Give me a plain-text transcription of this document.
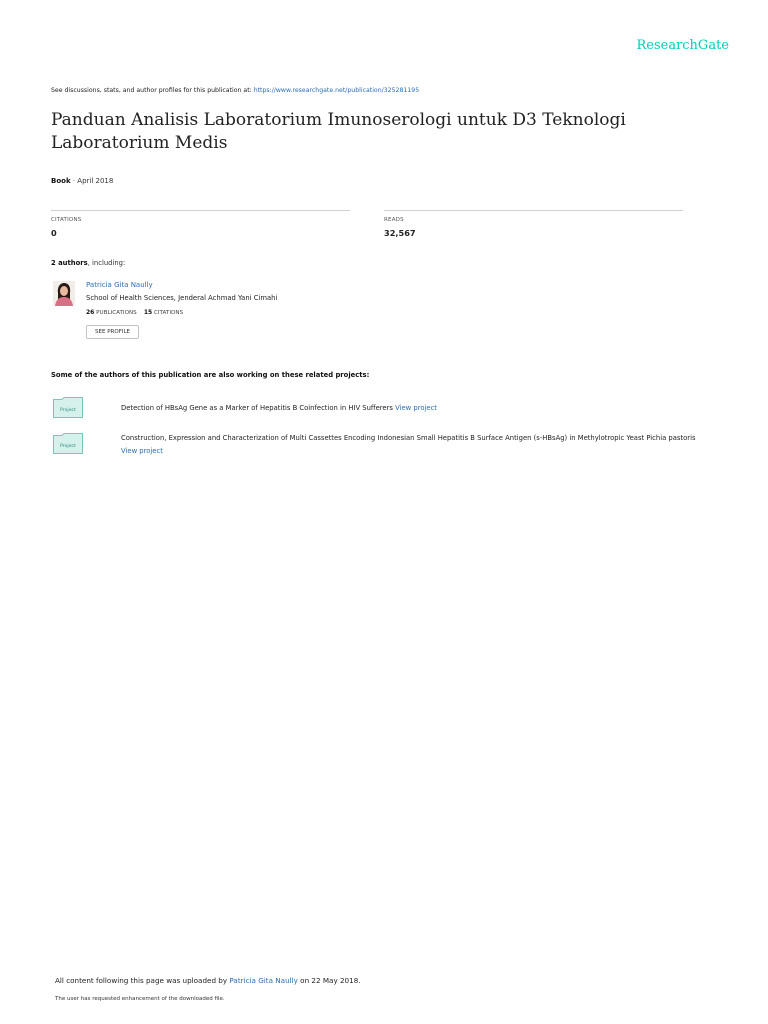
ResearchGate
See discussions, stats, and author profiles for this publication at: https://www.researchgate.net/publication/325281195
Panduan Analisis Laboratorium Imunoserologi untuk D3 Teknologi Laboratorium Medis
Book · April 2018
CITATIONS
0
READS
32,567
2 authors, including:
Patricia Gita Naully
School of Health Sciences, Jenderal Achmad Yani Cimahi
26 PUBLICATIONS 15 CITATIONS
SEE PROFILE
Some of the authors of this publication are also working on these related projects:
Project	Detection of HBsAg Gene as a Marker of Hepatitis B Coinfection in HIV Sufferers View project
Project
Construction, Expression and Characterization of Multi Cassettes Encoding Indonesian Small Hepatitis B Surface Antigen (s-HBsAg) in Methylotropic Yeast Pichia pastoris View project
All content following this page was uploaded by Patricia Gita Naully on 22 May 2018.
The user has requested enhancement of the downloaded file.
